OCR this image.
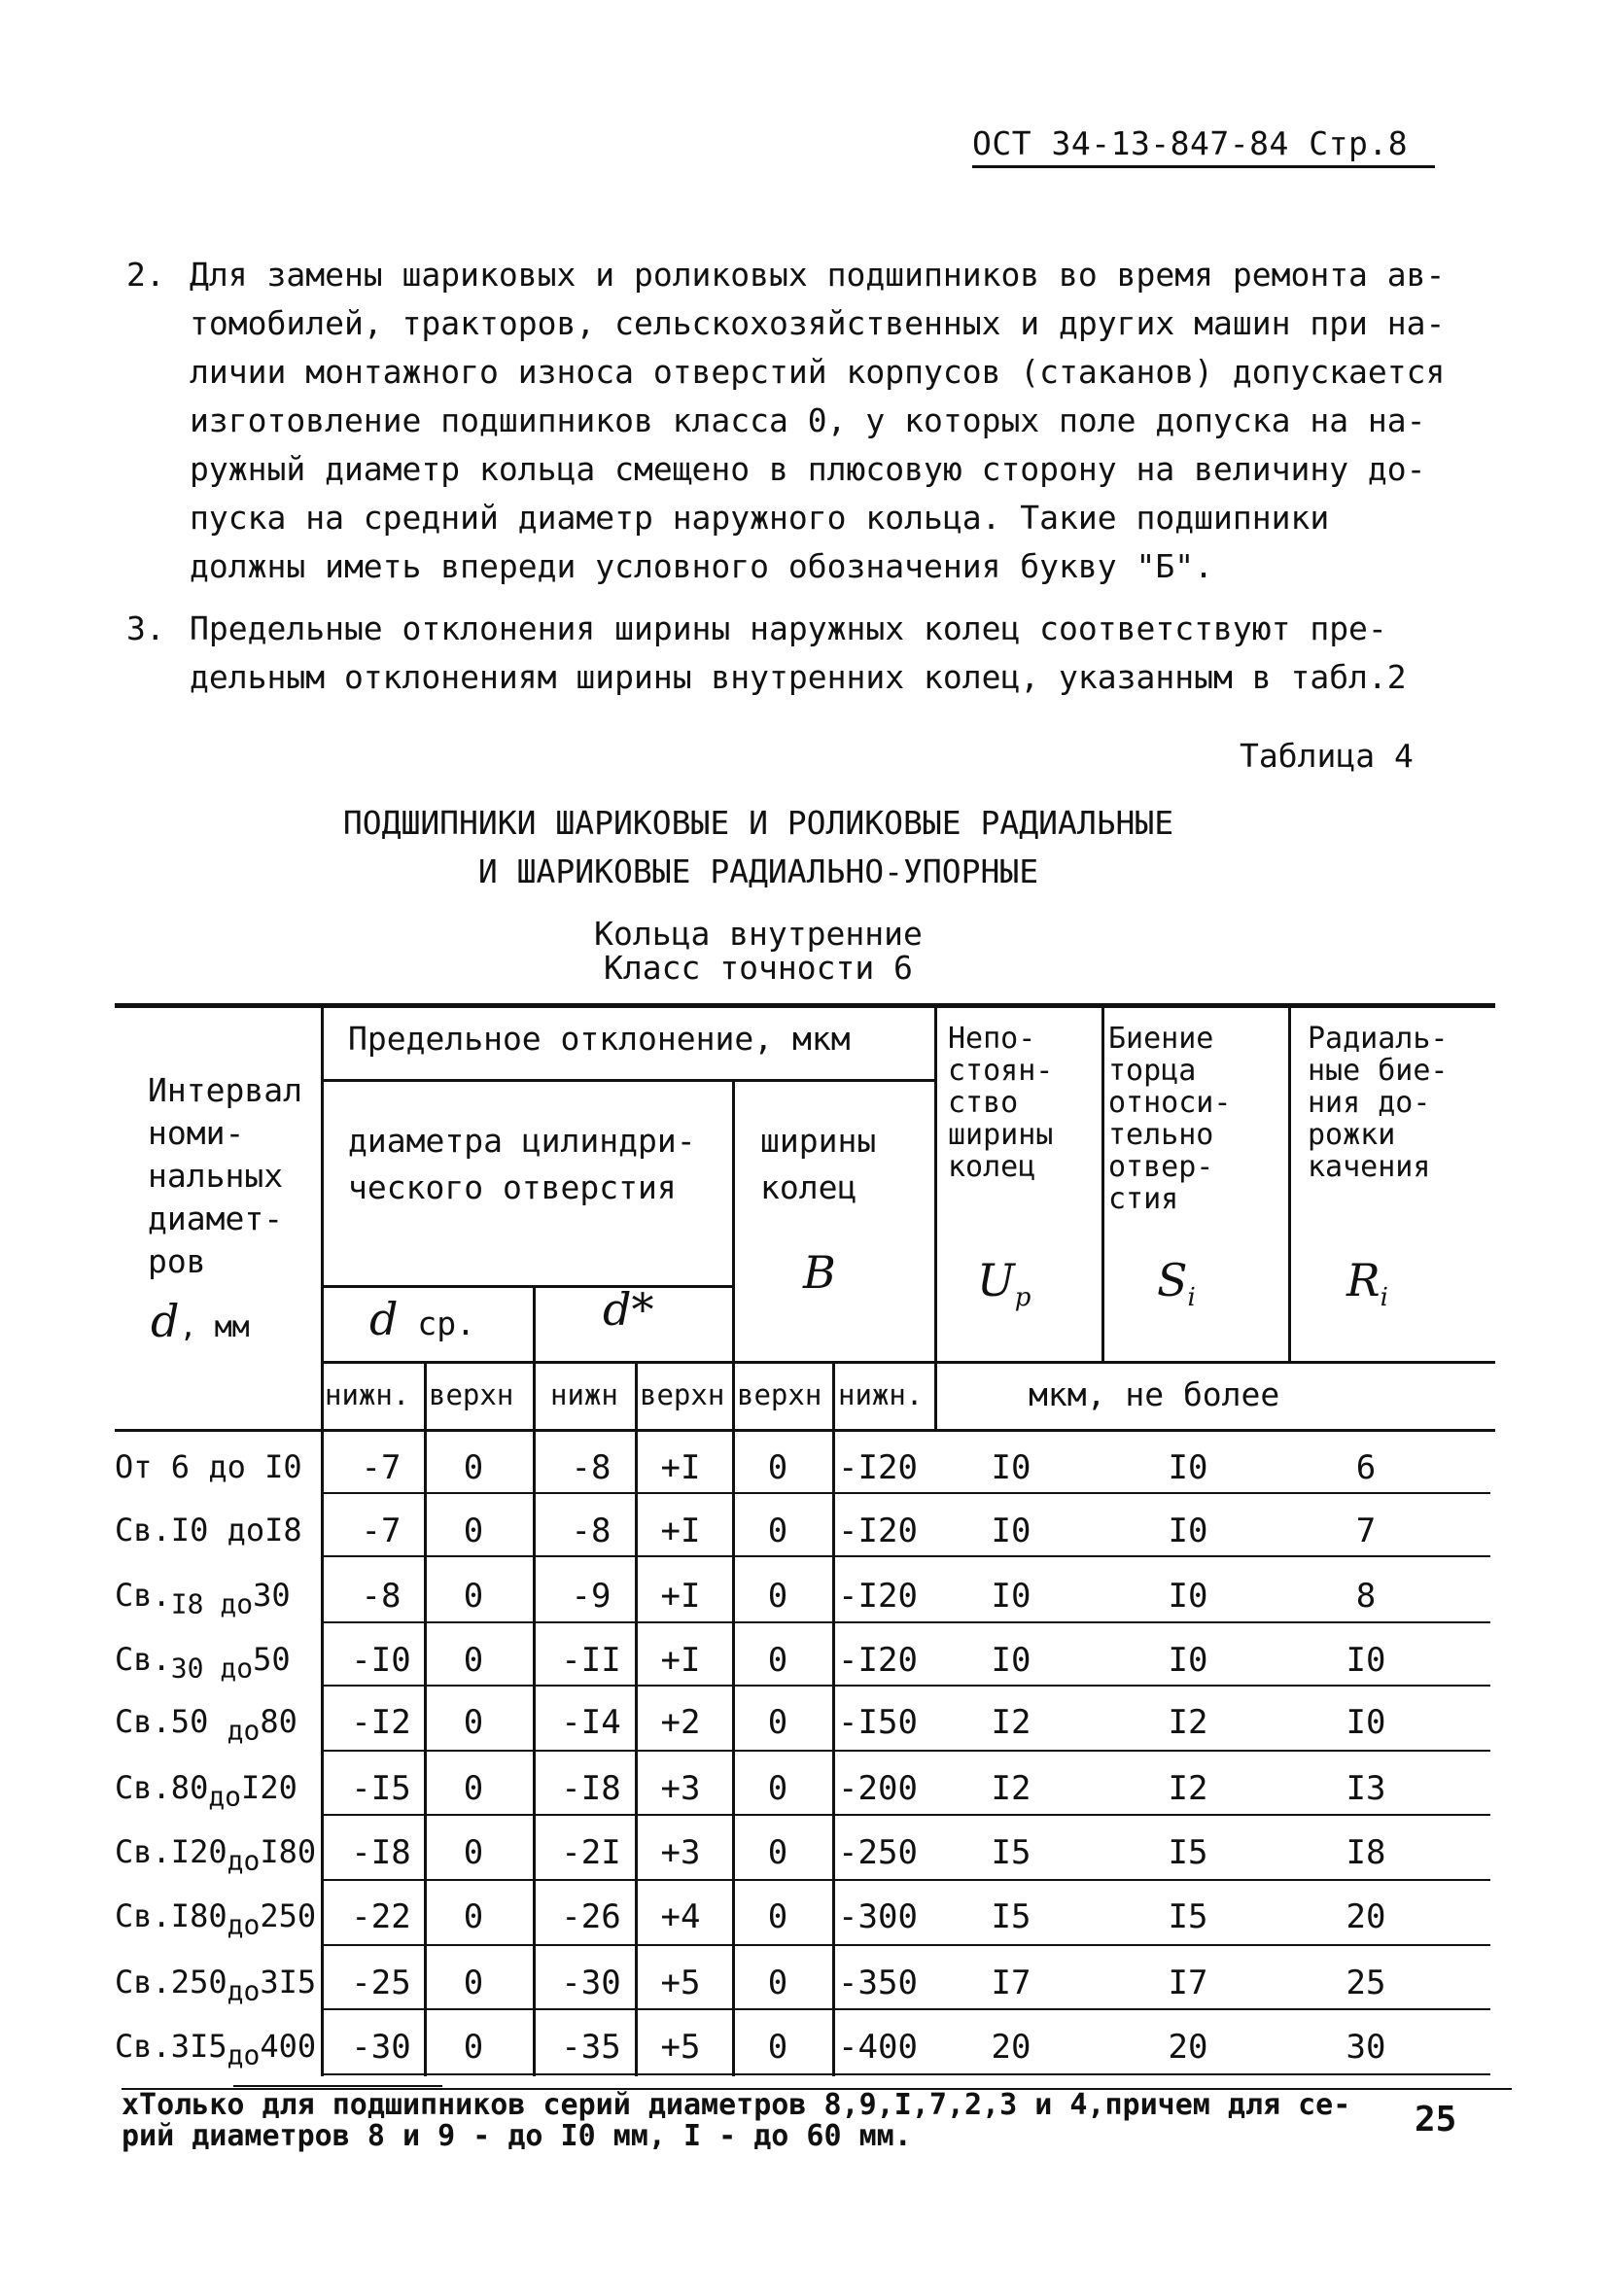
ОСТ 34-13-847-84 Стр.8
2. Для замены шариковых и роликовых подшипников во время ремонта ав-
томобилей, тракторов, сельскохозяйственных и других машин при на-
личии монтажного износа отверстий корпусов (стаканов) допускается
изготовление подшипников класса 0, у которых поле допуска на на-
ружный диаметр кольца смещено в плюсовую сторону на величину до-
пуска на средний диаметр наружного кольца. Такие подшипники
должны иметь впереди условного обозначения букву "Б".
3. Предельные отклонения ширины наружных колец соответствуют пре-
дельным отклонениям ширины внутренних колец, указанным в табл.2
Таблица 4
ПОДШИПНИКИ ШАРИКОВЫЕ И РОЛИКОВЫЕ РАДИАЛЬНЫЕ
И ШАРИКОВЫЕ РАДИАЛЬНО-УПОРНЫЕ
Кольца внутренние
Класс точности 6
Интервал
номи-
нальных
диамет-
ров
d, мм
Предельное отклонение, мкм
диаметра цилиндри-
ческого отверстия
ширины
колец
B
d ср.	d*
Непо-
стоян-
ство
ширины
колец
$U_p$
Биение
торца
относи-
тельно
отвер-
стия
$S_i$
Радиаль-
ные бие-
ния до-
рожки
качения
$R_i$
нижн. верхн нижн верхн верхн нижн.	мкм, не более
От 6 до I0	-7	0	-8	+I	0	-I20	I0	I0	6
Св.I0 доI8	-7	0	-8	+I	0	-I20	I0	I0	7
$Св._{I8 до}30$	-8	0	-9	+I	0	-I20	I0	I0	8
$Св._{30 до}50$	-I0	0	-II	+I	0	-I20	I0	I0	I0
Св.50 $_{до}$80	-I2	0	-I4	+2	0	-I50	I2	I2	I0
$Св.80_{до}I20$	-I5	0	-I8	+3	0	-200	I2	I2	I3
$Св.I20_{до}I80$	-I8	0	-2I	+3	0	-250	I5	I5	I8
$Св.I80_{до}250$	-22	0	-26	+4	0	-300	I5	I5	20
$Св.250_{до}3I5$	-25	0	-30	+5	0	-350	I7	I7	25
$Св.3I5_{до}400$	-30	0	-35	+5	0	-400	20	20	30
хТолько для подшипников серий диаметров 8,9,I,7,2,3 и 4,причем для се-
рий диаметров 8 и 9 - до I0 мм, I - до 60 мм.	25
